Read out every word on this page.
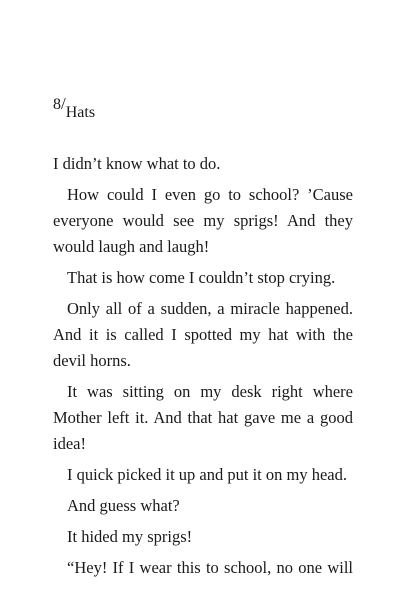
8/Hats

I didn’t know what to do.

How could I even go to school? ’Cause everyone would see my sprigs! And they would laugh and laugh!

That is how come I couldn’t stop crying.

Only all of a sudden, a miracle happened. And it is called I spotted my hat with the devil horns.

It was sitting on my desk right where Mother left it. And that hat gave me a good idea!

I quick picked it up and put it on my head.

And guess what?

It hided my sprigs!

“Hey! If I wear this to school, no one will
